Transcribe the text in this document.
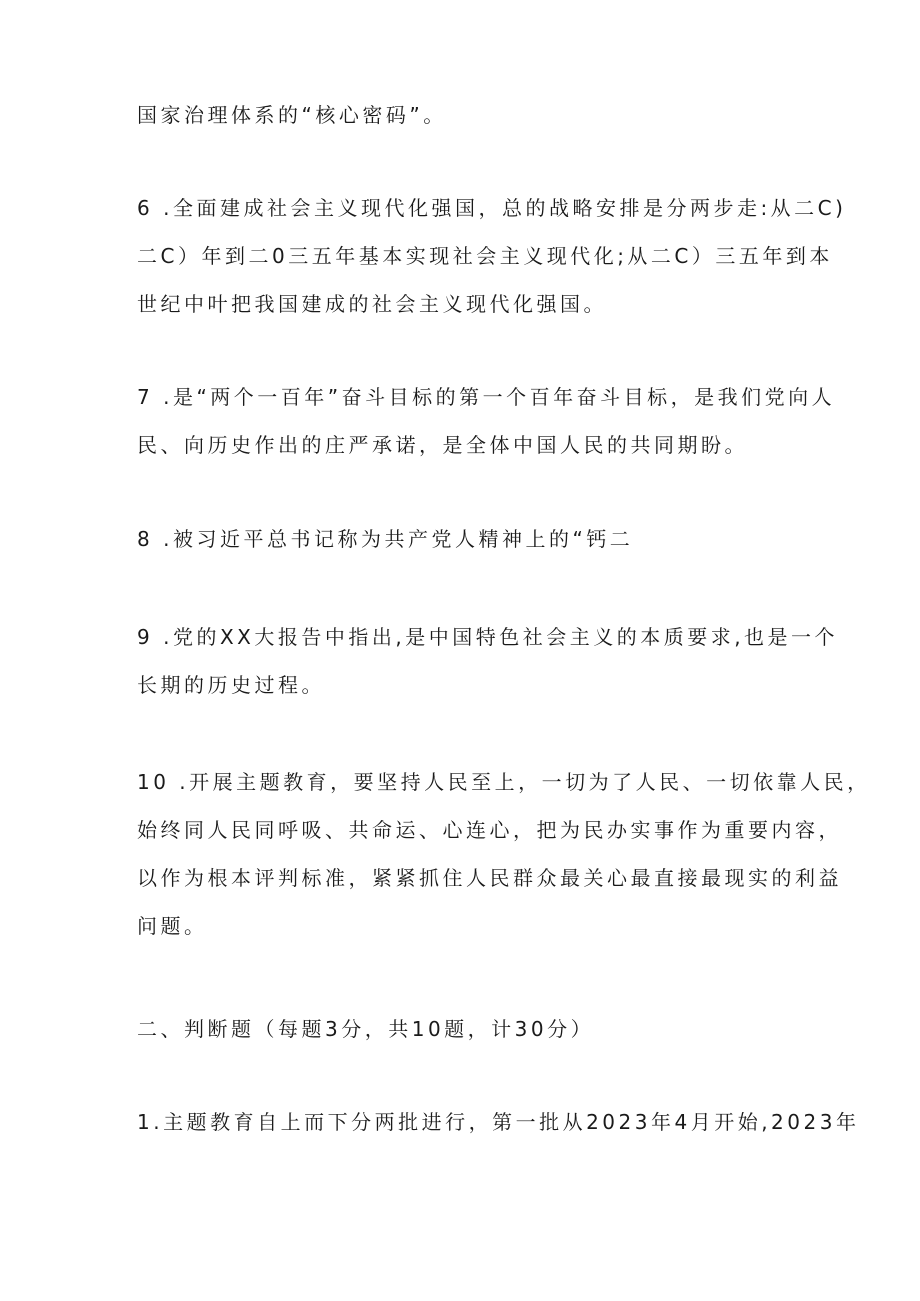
国家治理体系的“核心密码”。
6 .全面建成社会主义现代化强国，总的战略安排是分两步走:从二C)
二C）年到二0三五年基本实现社会主义现代化;从二C）三五年到本
世纪中叶把我国建成的社会主义现代化强国。
7 .是“两个一百年”奋斗目标的第一个百年奋斗目标，是我们党向人
民、向历史作出的庄严承诺，是全体中国人民的共同期盼。
8 .被习近平总书记称为共产党人精神上的“钙二
9 .党的XX大报告中指出,是中国特色社会主义的本质要求,也是一个
长期的历史过程。
10 .开展主题教育，要坚持人民至上，一切为了人民、一切依靠人民，
始终同人民同呼吸、共命运、心连心，把为民办实事作为重要内容，
以作为根本评判标准，紧紧抓住人民群众最关心最直接最现实的利益
问题。
二、判断题（每题3分，共10题，计30分）
1.主题教育自上而下分两批进行，第一批从2023年4月开始,2023年
